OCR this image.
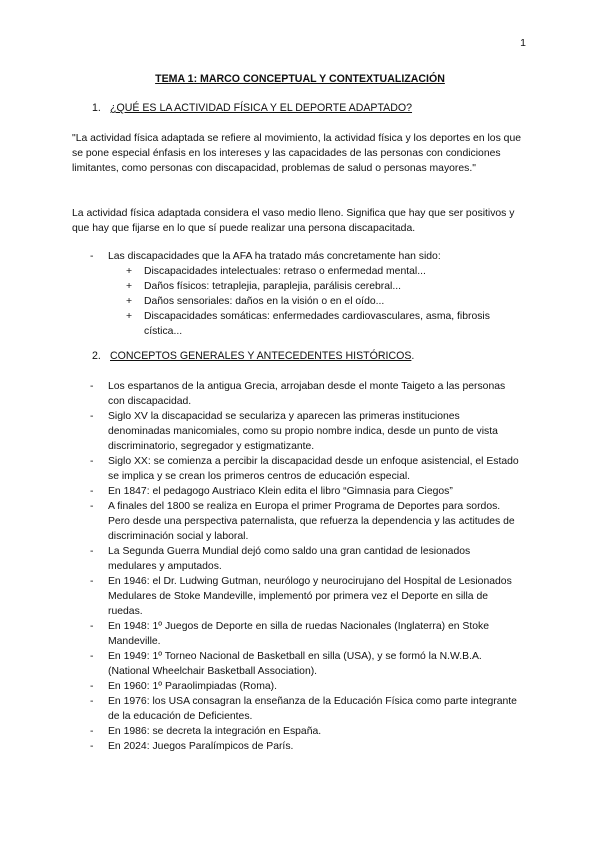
1
TEMA 1: MARCO CONCEPTUAL Y CONTEXTUALIZACIÓN
1. ¿QUÉ ES LA ACTIVIDAD FÍSICA Y EL DEPORTE ADAPTADO?

"La actividad física adaptada se refiere al movimiento, la actividad física y los deportes en los que se pone especial énfasis en los intereses y las capacidades de las personas con condiciones limitantes, como personas con discapacidad, problemas de salud o personas mayores."

La actividad física adaptada considera el vaso medio lleno. Significa que hay que ser positivos y que hay que fijarse en lo que sí puede realizar una persona discapacitada.

- Las discapacidades que la AFA ha tratado más concretamente han sido:
+ Discapacidades intelectuales: retraso o enfermedad mental...
+ Daños físicos: tetraplejia, paraplejia, parálisis cerebral...
+ Daños sensoriales: daños en la visión o en el oído...
+ Discapacidades somáticas: enfermedades cardiovasculares, asma, fibrosis cística...
2. CONCEPTOS GENERALES Y ANTECEDENTES HISTÓRICOS.
- Los espartanos de la antigua Grecia, arrojaban desde el monte Taigeto a las personas con discapacidad.
- Siglo XV la discapacidad se seculariza y aparecen las primeras instituciones denominadas manicomiales, como su propio nombre indica, desde un punto de vista discriminatorio, segregador y estigmatizante.
- Siglo XX: se comienza a percibir la discapacidad desde un enfoque asistencial, el Estado se implica y se crean los primeros centros de educación especial.
- En 1847: el pedagogo Austriaco Klein edita el libro “Gimnasia para Ciegos”
- A finales del 1800 se realiza en Europa el primer Programa de Deportes para sordos. Pero desde una perspectiva paternalista, que refuerza la dependencia y las actitudes de discriminación social y laboral.
- La Segunda Guerra Mundial dejó como saldo una gran cantidad de lesionados medulares y amputados.
- En 1946: el Dr. Ludwing Gutman, neurólogo y neurocirujano del Hospital de Lesionados Medulares de Stoke Mandeville, implementó por primera vez el Deporte en silla de ruedas.
- En 1948: 1º Juegos de Deporte en silla de ruedas Nacionales (Inglaterra) en Stoke Mandeville.
- En 1949: 1º Torneo Nacional de Basketball en silla (USA), y se formó la N.W.B.A. (National Wheelchair Basketball Association).
- En 1960: 1º Paraolimpiadas (Roma).
- En 1976: los USA consagran la enseñanza de la Educación Física como parte integrante de la educación de Deficientes.
- En 1986: se decreta la integración en España.
- En 2024: Juegos Paralímpicos de París.
